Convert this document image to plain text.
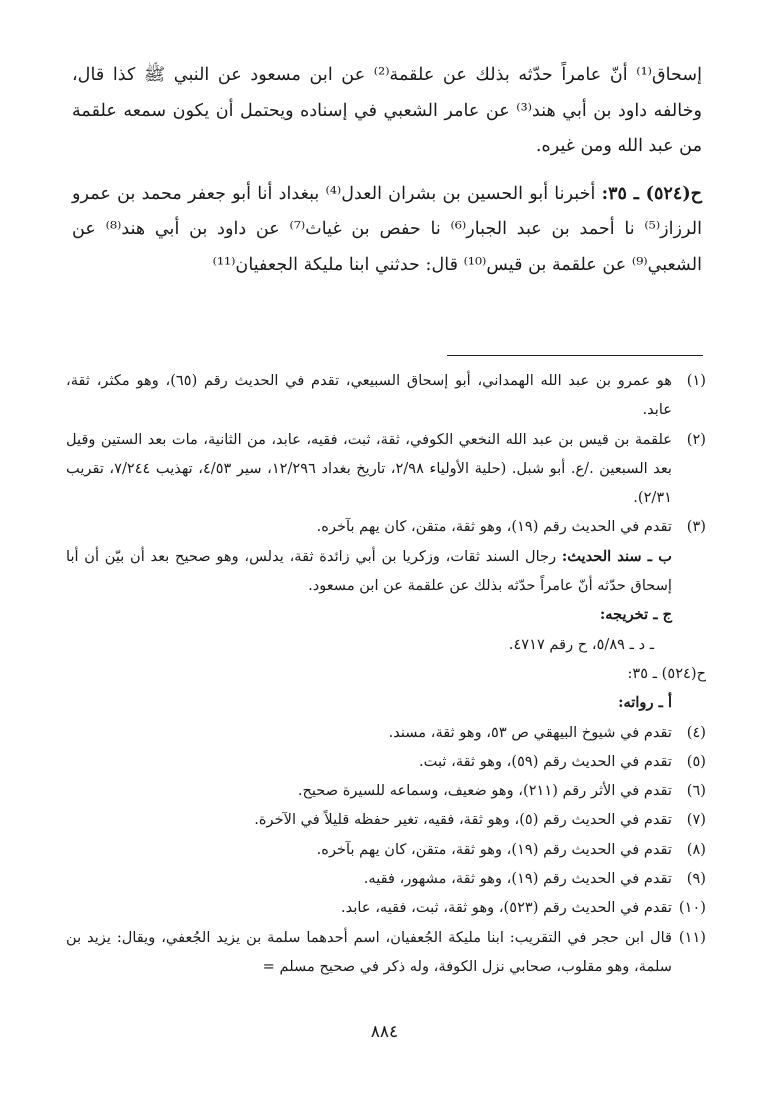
إسحاق⁽¹⁾ أنّ عامراً حدّثه بذلك عن علقمة⁽²⁾ عن ابن مسعود عن النبي ﷺ كذا قال، وخالفه داود بن أبي هند⁽³⁾ عن عامر الشعبي في إسناده ويحتمل أن يكون سمعه علقمة من عبد الله ومن غيره.

ح(٥٢٤) ـ ٣٥: أخبرنا أبو الحسين بن بشران العدل⁽⁴⁾ ببغداد أنا أبو جعفر محمد بن عمرو الرزاز⁽⁵⁾ نا أحمد بن عبد الجبار⁽⁶⁾ نا حفص بن غياث⁽⁷⁾ عن داود بن أبي هند⁽⁸⁾ عن الشعبي⁽⁹⁾ عن علقمة بن قيس⁽¹⁰⁾ قال: حدثني ابنا مليكة الجعفيان⁽¹¹⁾

(١)
هو عمرو بن عبد الله الهمداني، أبو إسحاق السبيعي، تقدم في الحديث رقم (٦٥)، وهو مكثر، ثقة، عابد.
(٢)
علقمة بن قيس بن عبد الله النخعي الكوفي، ثقة، ثبت، فقيه، عابد، من الثانية، مات بعد الستين وقيل بعد السبعين ./ع. أبو شبل. (حلية الأولياء ٢/٩٨، تاريخ بغداد ١٢/٢٩٦، سير ٤/٥٣، تهذيب ٧/٢٤٤، تقريب ٢/٣١).
(٣)
تقدم في الحديث رقم (١٩)، وهو ثقة، متقن، كان يهم بآخره.
ب ـ سند الحديث: رجال السند ثقات، وزكريا بن أبي زائدة ثقة، يدلس، وهو صحيح بعد أن بيّن أن أبا إسحاق حدّثه أنّ عامراً حدّثه بذلك عن علقمة عن ابن مسعود.
ج ـ تخريجه:
ـ د ـ ٥/٨٩، ح رقم ٤٧١٧.
ح(٥٢٤) ـ ٣٥:
أ ـ رواته:
(٤)
تقدم في شيوخ البيهقي ص ٥٣، وهو ثقة، مسند.
(٥)
تقدم في الحديث رقم (٥٩)، وهو ثقة، ثبت.
(٦)
تقدم في الأثر رقم (٢١١)، وهو ضعيف، وسماعه للسيرة صحيح.
(٧)
تقدم في الحديث رقم (٥)، وهو ثقة، فقيه، تغير حفظه قليلاً في الآخرة.
(٨)
تقدم في الحديث رقم (١٩)، وهو ثقة، متقن، كان يهم بآخره.
(٩)
تقدم في الحديث رقم (١٩)، وهو ثقة، مشهور، فقيه.
(١٠)
تقدم في الحديث رقم (٥٢٣)، وهو ثقة، ثبت، فقيه، عابد.
(١١)
قال ابن حجر في التقريب: ابنا مليكة الجُعفيان، اسم أحدهما سلمة بن يزيد الجُعفي، ويقال: يزيد بن سلمة، وهو مقلوب، صحابي نزل الكوفة، وله ذكر في صحيح مسلم =
٨٨٤
